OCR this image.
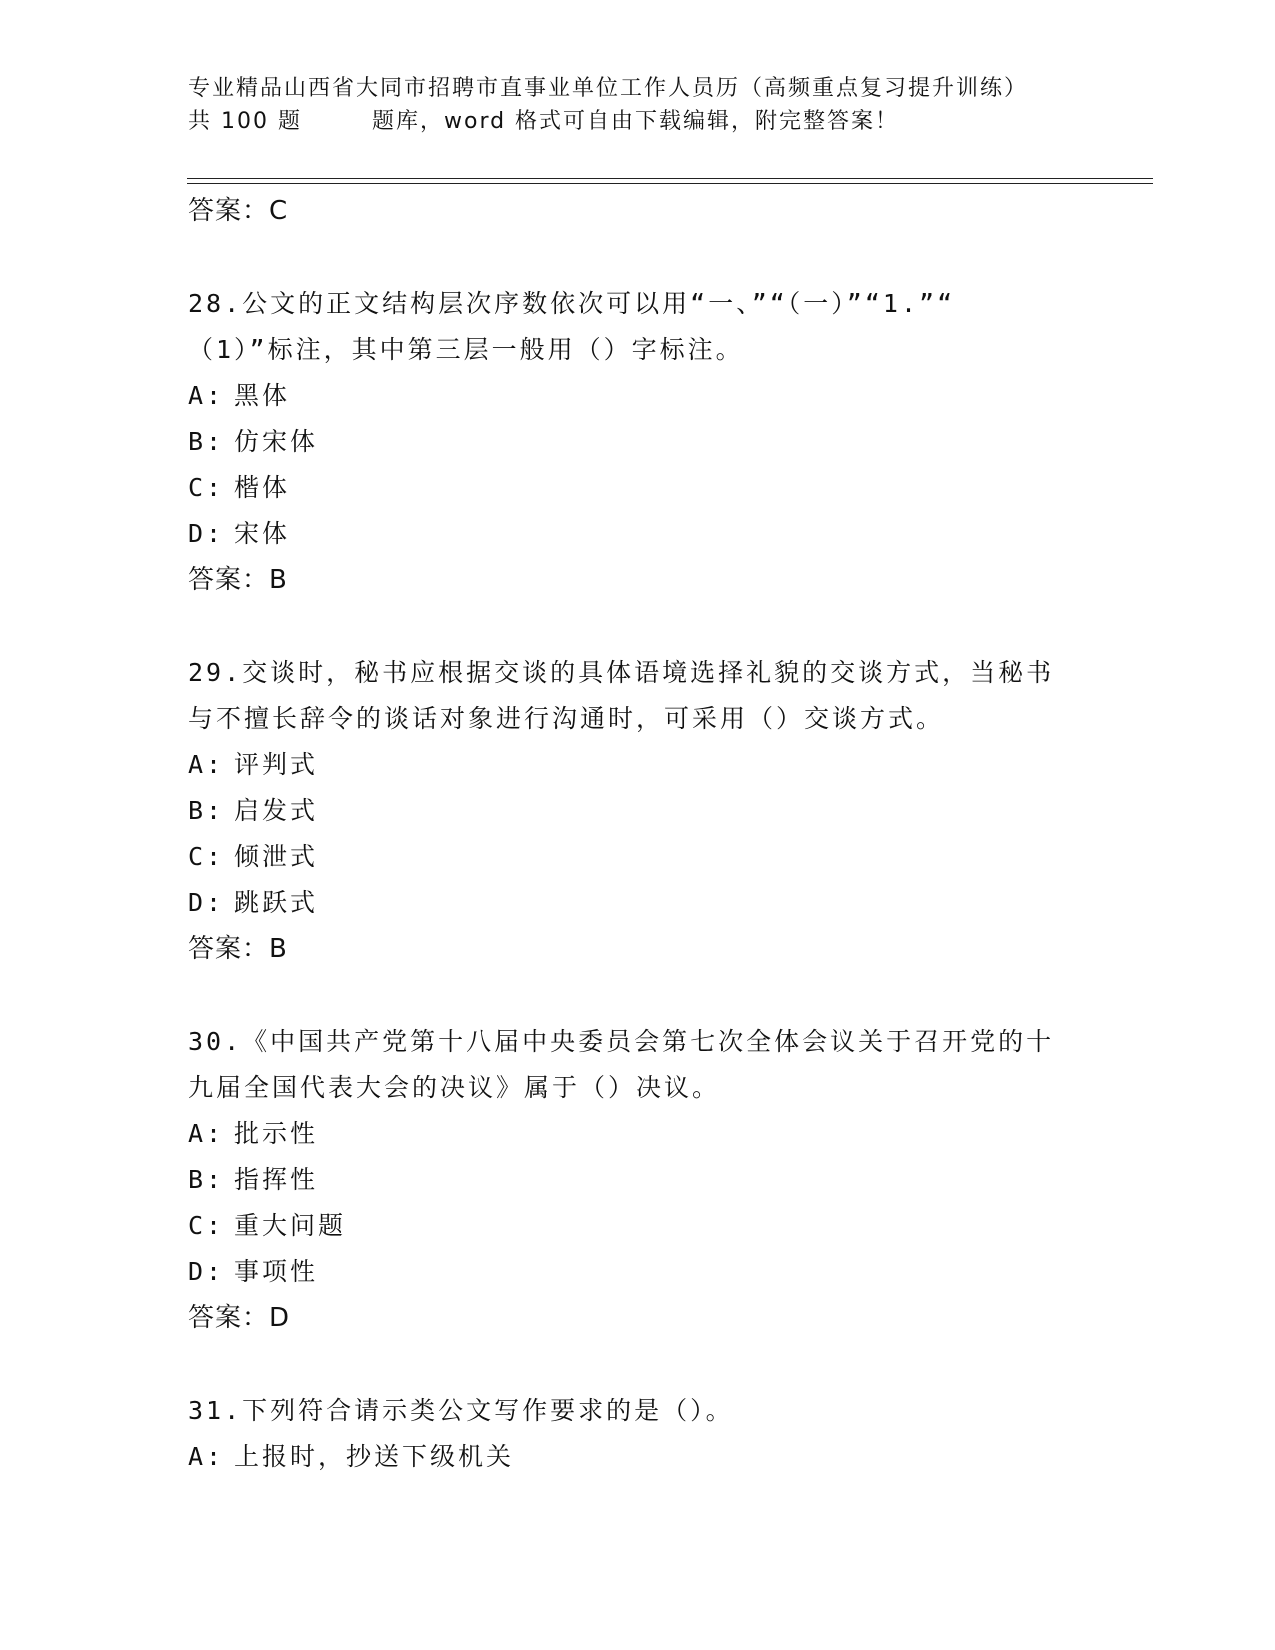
专业精品山西省大同市招聘市直事业单位工作人员历（高频重点复习提升训练）
共 100 题	题库，word 格式可自由下载编辑，附完整答案！
答案：C
28.公文的正文结构层次序数依次可以用“一、”“（一）”“1.”“
（1）”标注，其中第三层一般用（）字标注。
A: 黑体
B: 仿宋体
C: 楷体
D: 宋体
答案：B
29.交谈时，秘书应根据交谈的具体语境选择礼貌的交谈方式，当秘书
与不擅长辞令的谈话对象进行沟通时，可采用（）交谈方式。
A: 评判式
B: 启发式
C: 倾泄式
D: 跳跃式
答案：B
30.《中国共产党第十八届中央委员会第七次全体会议关于召开党的十
九届全国代表大会的决议》属于（）决议。
A: 批示性
B: 指挥性
C: 重大问题
D: 事项性
答案：D
31.下列符合请示类公文写作要求的是（）。
A: 上报时，抄送下级机关
